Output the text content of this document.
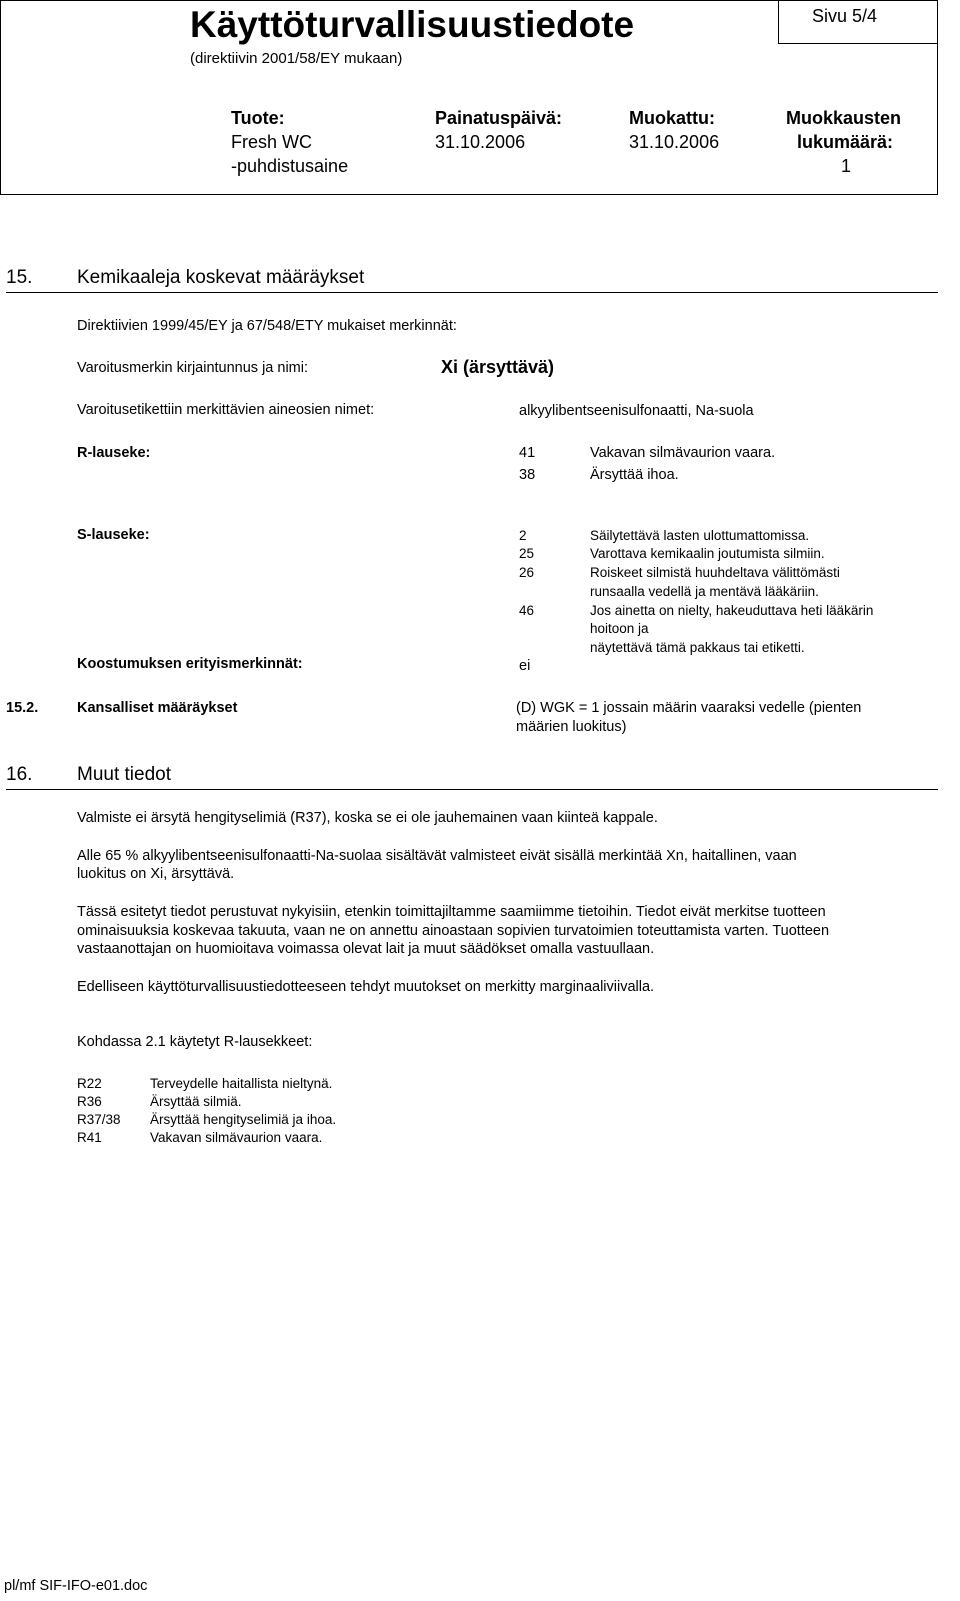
Käyttöturvallisuustiedote
(direktiivin 2001/58/EY mukaan)
Sivu 5/4
Tuote:
Fresh WC
-puhdistusaine
Painatuspäivä:
31.10.2006
Muokattu:
31.10.2006
Muokkausten
lukumäärä:
1
15. Kemikaaleja koskevat määräykset
Direktiivien 1999/45/EY ja 67/548/ETY mukaiset merkinnät:
Varoitusmerkin kirjaintunnus ja nimi:	Xi (ärsyttävä)
Varoitusetikettiin merkittävien aineosien nimet:	alkyylibentseenisulfonaatti, Na-suola
R-lauseke:	41	Vakavan silmävaurion vaara.
38	Ärsyttää ihoa.
S-lauseke:	2	Säilytettävä lasten ulottumattomissa.
25	Varottava kemikaalin joutumista silmiin.
26	Roiskeet silmistä huuhdeltava välittömästi
runsaalla vedellä ja mentävä lääkäriin.
46	Jos ainetta on nielty, hakeuduttava heti lääkärin
hoitoon ja
näytettävä tämä pakkaus tai etiketti.
Koostumuksen erityismerkinnät:	ei
15.2.	Kansalliset määräykset	(D) WGK = 1 jossain määrin vaaraksi vedelle (pienten
määrien luokitus)
16. Muut tiedot
Valmiste ei ärsytä hengityselimiä (R37), koska se ei ole jauhemainen vaan kiinteä kappale.
Alle 65 % alkyylibentseenisulfonaatti-Na-suolaa sisältävät valmisteet eivät sisällä merkintää Xn, haitallinen, vaan
luokitus on Xi, ärsyttävä.
Tässä esitetyt tiedot perustuvat nykyisiin, etenkin toimittajiltamme saamiimme tietoihin. Tiedot eivät merkitse tuotteen
ominaisuuksia koskevaa takuuta, vaan ne on annettu ainoastaan sopivien turvatoimien toteuttamista varten. Tuotteen
vastaanottajan on huomioitava voimassa olevat lait ja muut säädökset omalla vastuullaan.
Edelliseen käyttöturvallisuustiedotteeseen tehdyt muutokset on merkitty marginaaliviivalla.
Kohdassa 2.1 käytetyt R-lausekkeet:
R22	Terveydelle haitallista nieltynä.
R36	Ärsyttää silmiä.
R37/38 Ärsyttää hengityselimiä ja ihoa.
R41	Vakavan silmävaurion vaara.
pl/mf SIF-IFO-e01.doc
